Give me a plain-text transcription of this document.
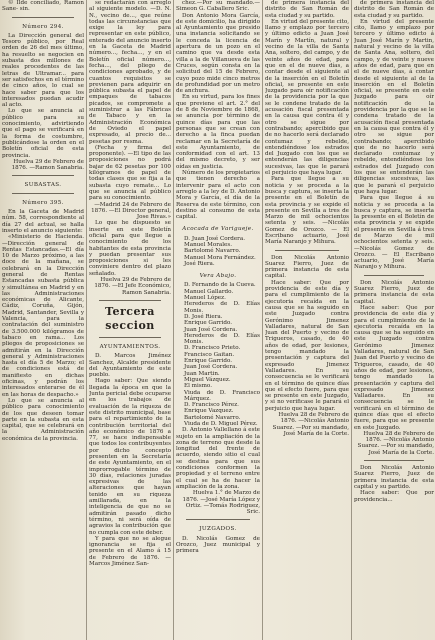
© Ilde conciliado, Ramon Sane‑ sin.

Número 294.

La Dirección general del Tesoro público, por Real orden de 26 del mes último, ha resuelto se negocien en subasta dos millones de reales procedentes de las letras de Ultramar... para ser satisfechos en el término de cinco años, lo cual se hace saber para que los interesados puedan acudir al acto.

Lo que se anuncia al público para su conocimiento, advirtiendo que el pago se verificará en la forma de costumbre, publicándose la orden en el Boletín oficial de esta provincia.

Huelva 29 de Febrero de 1876. —Ramon Sanabria.

SUBASTAS.

Número 395.

En la Gaceta de Madrid núm. 58, correspondiente al día 27 del actual, se halla inserto el anuncio siguiente:

«Ministerio de Hacienda.—Dirección general de Rentas Estancadas.—El día 10 de Marzo próximo, a las doce de la mañana, se celebrará en la Dirección general de Rentas Estancadas subasta pública y simultánea en Madrid y en las Administraciones económicas de Alicante, Cádiz, Coruña, Gijón, Madrid, Santander, Sevilla y Valencia, para la contratación del suministro de 3.500.000 kilógramos de tabaco en rama... Los pliegos de proposiciones se admitirán en la Dirección general y Administraciones hasta el día 5 de Marzo; el de condiciones está de manifiesto en dichas oficinas, y podrán los interesados enterarse de él en las horas de despacho.»

Lo que se anuncia al público para conocimiento de los que deseen tomar parte en la subasta en esta capital, que se celebrará en la Administración económica de la provincia.

se redactarán con arreglo al siguiente modelo. —D. N. N., vecino de..., que reúne todas las circunstancias que exige la ley para representar en este público, enterado del anuncio inserto en la Gaceta de Madrid número..., fecha..., y en el Boletín oficial número..., fecha..., del pliego de condiciones aprobado, y de cuantos requisitos se previenen para adquirir en pública subasta el papel de empaques de tabacos picados, se compromete a suministrar a las Fábricas de Tabaco y en la Administración Económica de Oviedo el papel expresado, al precio de... pesetas por resma.

(Fecha y firma del proponente). —El tipo de las proposiciones no podrá bajar de 62 pesetas por 100 kilógramos de papel de todas clases que se fija a la subasta cuyo remate... Lo que se anuncia al público para su conocimiento.

—Madrid 24 de Febrero de 1876. —El Director general, Jose Rivas.»

Lo que he dispuesto se inserte en este Boletín oficial para que llegue a conocimiento de los habitantes de esta provincia y puedan presentar sus proposiciones si les conviniere dentro del plazo señalado.

Huelva 29 de Febrero de 1876. —El Jefe Económico, Ramon Sanabria.

Tercera seccion

AYUNTAMIENTOS.

D. Marcos Jiménez Sanchez, Alcalde presidente del Ayuntamiento de este pueblo.

Hago saber: Que siendo llegada la época en que la Junta pericial debe ocuparse en los trabajos de evaluación de la riqueza de este distrito municipal, base para el repartimiento de la contribución territorial del año económico de 1876 a 77, se hace indispensable que todos los contribuyentes por dicho concepto presenten en la Secretaría de este Ayuntamiento, en el improrrogable término de 30 días, relaciones juradas expresivas de las alteraciones que hayan tenido en su riqueza amillarada, en la inteligencia de que no se admitirán pasado dicho término, ni será oída de agravios la contribución que no cumpla con este deber.

Y para que no se alegue ignorancia se fija el presente en el Alamo á 15 de Febrero de 1876. —Marcos Jiménez San‑

chez.—Por su mandado.— Simeon G. Caballero Sric.

Don Antonio Mora García, de este domicilio, ha dirigido al Ayuntamiento que presido una instancia solicitando se le conceda la licencia de apertura de un pozo en el camino que va desde esta villa a la de Villanueva de las Cruces, según consta en la solicitud del 15 de Febrero, cuyo pozo mide cinco metros de profundidad por un metro de anchura.

En su virtud, para los fines que previene el art. 2.° del de 8 de Noviembre de 1868, se anuncia por término de quince días para que las personas que se crean con derecho a la finca puedan reclamar en la Secretaría de este Ayuntamiento, de conformidad con el art. 13 del mismo decreto, y ser oídas en justicia.

Número de los propietarios que tienen derecho a intervenir para el acto con arreglo a la ley de D. Antonio Mora y García, el día de la Reserva de este término, con destino al consumo de esta capital.

Acocada de Varigueje.

D. Juan José Cordera.
Manuel Morales.
Bartolomé Navarro.
Manuel Mora Fernández.
José Riera.

Vera Abajo.

D. Fernando de la Cueva.
Manuel Gallardo.
Manuel López.
Herederos de D. Elías Monis.
D. José Riera.
Enrique Garrido.
Juan José Cordera.
Herederos de D. Elías Monis.
D. Francisco Prieto.
Francisco Gaitan.
Enrique Garrido.
Juan José Cordera.
Juan Martin.
Miguel Vázquez.
El mismo.
Viuda de D. Francisco Márquez.
D. Francisco Pérez.
Enrique Vazquez.
Bartolomé Navarro.
Viuda de D. Miguel Pérez.

D. Antonio Vallellano á este sujeto en la ampliación de la zona de terreno que desde la longitud del frente de acuerdo, siendo sitio el cual se destina para que sus condiciones conformen la propiedad y el terreno entre el cual se ha de hacer la ampliación de la zona.

Huelva 1.° de Marzo de 1876. —José María López y Ortiz. —Tomás Rodriguez, Sric.

JUZGADOS.

D. Nicolás Gomez de Orozco, Juez municipal y primera

de primera instancia del distrito de San Román de esta ciudad y su partido.

En virtud del presente cito, llamo y emplazo por tercero y último edicto a Juan José Marín y Martín, natural y vecino de la villa de Santa Ana, soltero, del campo, y de veinte años de edad, para que en el de nueve días, a contar desde el siguiente al de la inserción en el Boletín oficial, se presente en este Juzgado para oír notificación de la providencia por la que se le condene tratado de la acusación fiscal presentada en la causa que contra él y otro se sigue por contrabando; apercibido que de no hacerlo será declarado contumaz y rebelde, entendiéndose los estrados del Juzgado con los que se entenderán las diligencias sucesivas, las que le parará el perjuicio que haya lugar.

Para que llegue a su noticia y se proceda a la busca y captura, se inserta la presente en el Boletín de esta provincia y se expide el presente en Sevilla a tres de Marzo de mil ochocientos setenta y seis. —Nicolás Gomez de Orozco. — El Escribano actuario, José María Naranjo y Mihura.

Don Nicolás Antonio Suarez Fierro, Juez de primera instancia de esta capital.

Hace saber: Que por providencia de este día y para el cumplimiento de la ejecutoria recaída en la causa que se ha seguido en este Juzgado contra Gerónimo Jimenez Valladares, natural de San Juan del Puerto y vecino de Trigueros, casado, de 40 años de edad, por lesiones, tengo mandado la presentación y captura del expresado Jimenez Valladares. En su consecuencia se le verificará en el término de quince días que el efecto fuere, para que se presente en este Juzgado, y si no verificase le parará el perjuicio que haya lugar.

Huelva 28 de Febrero de 1876. —Nicolás Antonio Suarez. —Por su mandado, José María de la Corte.

de primera instancia del distrito de San Román de esta ciudad y su partido.

En virtud del presente cito, llamo y emplazo por tercero y último edicto á Juan José Marín y Martin, natural y vecino de la villa de Santa Ana, soltero, del campo, y de veinte y nueve años de edad, para que en el de nueve días, á contar desde el siguiente al de la inserción en el Boletín oficial, se presente en este Juzgado para oír notificación de la providencia por la que se le condena tratado de la acusación fiscal presentada en la causa que contra él y otro se sigue por contrabando; apercibido que de no hacerlo será declarado contumaz y rebelde, entendiéndose los estrados del Juzgado con los que se entenderán las diligencias sucesivas, las que le parará el perjuicio que haya lugar.

Para que llegue á su noticia y se proceda a la busca y captura, se inserta la presente en el Boletín de esta provincia y se expide el presente en Sevilla á tres de Marzo de mil ochocientos setenta y seis. —Nicolás Gomez de Orozco. — El Escribano actuario, José María Naranjo y Mihura.

Don Nicolás Antonio Suarez Fierro, Juez de primera instancia de esta capital.

Hace saber: Que por providencia de este día y para el cumplimiento de la ejecutoria recaída en la causa que se ha seguido en este Juzgado contra Gerónimo Jimenez Valladares, natural de San Juan del Puerto y vecino de Trigueros, casado, de 40 años de edad, por lesiones, tengo mandado la presentación y captura del expresado Jimenez Valladares. En su consecuencia se le verificará en el término de quince días que el efecto fuere, para que se presente en este Juzgado.

Huelva 28 de Febrero de 1876. —Nicolás Antonio Suarez. —Por su mandado, José María de la Corte.

Don Nicolás Antonio Suarez Fierro, Juez de primera instancia de esta capital y su partido.

Hace saber: Que por providencia...
